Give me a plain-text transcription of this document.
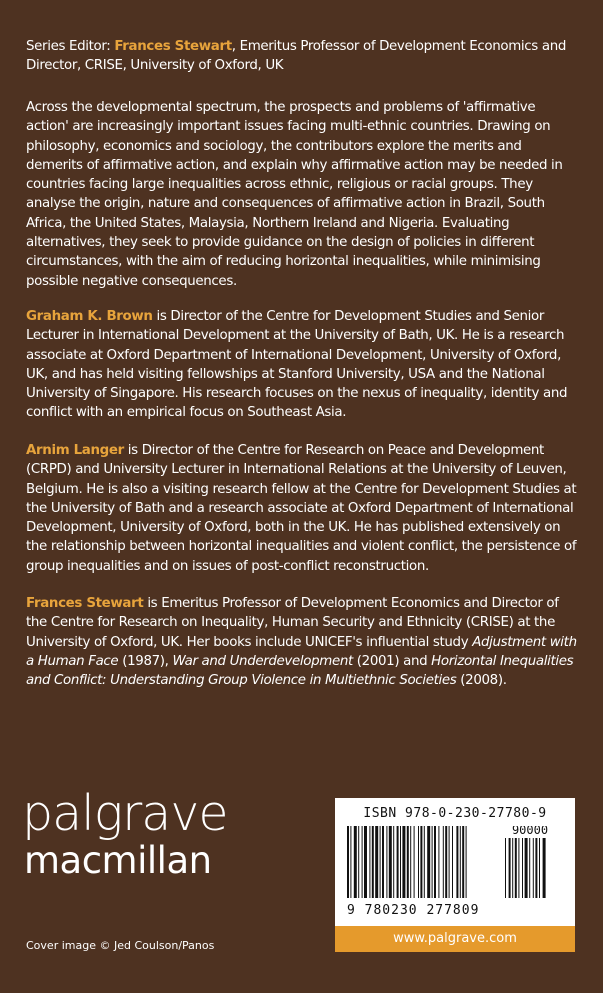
Series Editor: Frances Stewart, Emeritus Professor of Development Economics and Director, CRISE, University of Oxford, UK

Across the developmental spectrum, the prospects and problems of 'affirmative action' are increasingly important issues facing multi-ethnic countries. Drawing on philosophy, economics and sociology, the contributors explore the merits and demerits of affirmative action, and explain why affirmative action may be needed in countries facing large inequalities across ethnic, religious or racial groups. They analyse the origin, nature and consequences of affirmative action in Brazil, South Africa, the United States, Malaysia, Northern Ireland and Nigeria. Evaluating alternatives, they seek to provide guidance on the design of policies in different circumstances, with the aim of reducing horizontal inequalities, while minimising possible negative consequences.

Graham K. Brown is Director of the Centre for Development Studies and Senior Lecturer in International Development at the University of Bath, UK. He is a research associate at Oxford Department of International Development, University of Oxford, UK, and has held visiting fellowships at Stanford University, USA and the National University of Singapore. His research focuses on the nexus of inequality, identity and conflict with an empirical focus on Southeast Asia.

Arnim Langer is Director of the Centre for Research on Peace and Development (CRPD) and University Lecturer in International Relations at the University of Leuven, Belgium. He is also a visiting research fellow at the Centre for Development Studies at the University of Bath and a research associate at Oxford Department of International Development, University of Oxford, both in the UK. He has published extensively on the relationship between horizontal inequalities and violent conflict, the persistence of group inequalities and on issues of post-conflict reconstruction.

Frances Stewart is Emeritus Professor of Development Economics and Director of the Centre for Research on Inequality, Human Security and Ethnicity (CRISE) at the University of Oxford, UK. Her books include UNICEF's influential study Adjustment with a Human Face (1987), War and Underdevelopment (2001) and Horizontal Inequalities and Conflict: Understanding Group Violence in Multiethnic Societies (2008).

palgrave
macmillan
Cover image © Jed Coulson/Panos
ISBN 978-0-230-27780-9
90000
9 780230 277809
www.palgrave.com
